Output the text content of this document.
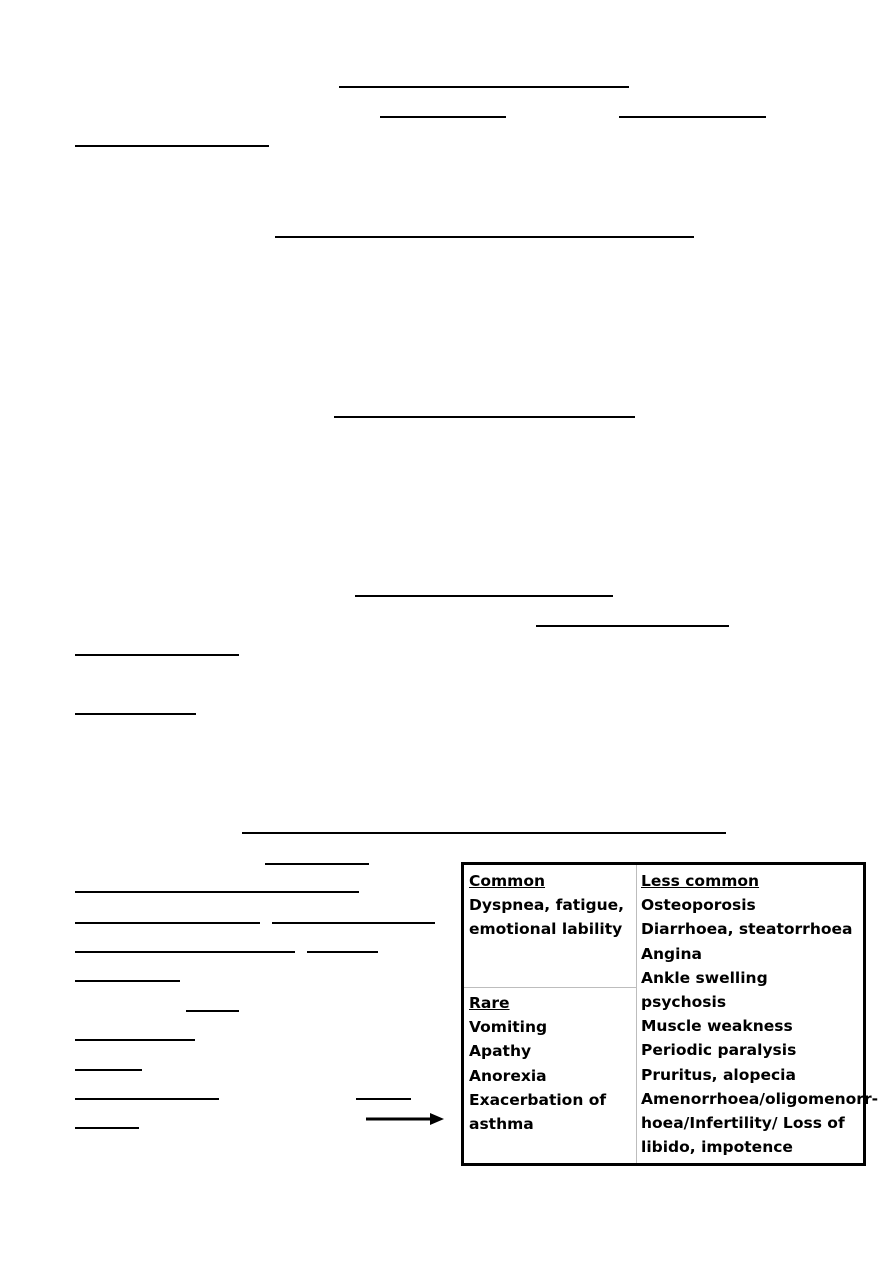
Common
Dyspnea, fatigue,
emotional lability
Rare
Vomiting
Apathy
Anorexia
Exacerbation of
asthma
Less common
Osteoporosis
Diarrhoea, steatorrhoea
Angina
Ankle swelling
psychosis
Muscle weakness
Periodic paralysis
Pruritus, alopecia
Amenorrhoea/oligomenorr-
hoea/Infertility/ Loss of
libido, impotence
